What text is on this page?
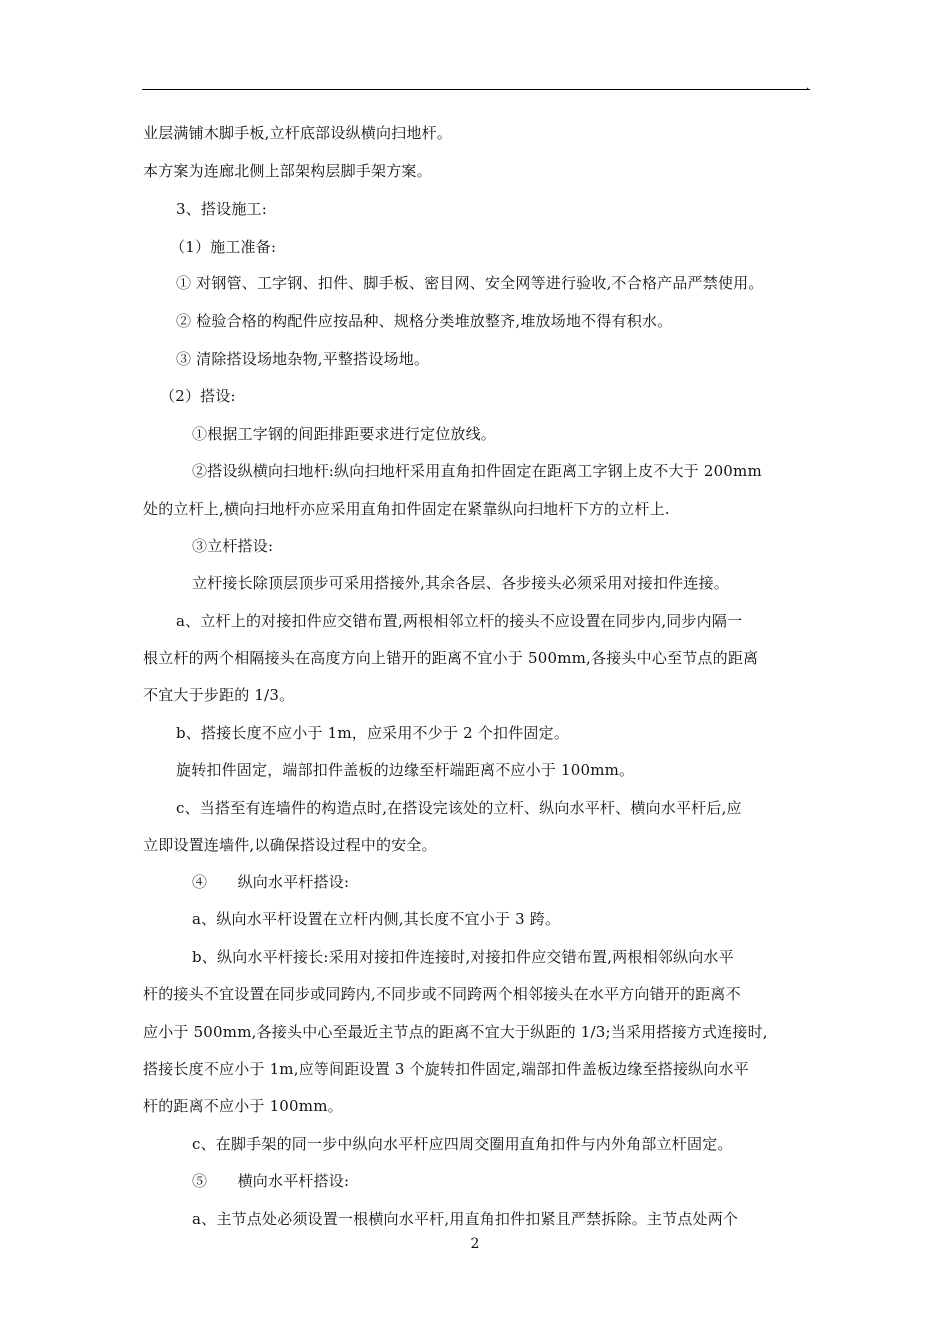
·
业层满铺木脚手板,立杆底部设纵横向扫地杆。
本方案为连廊北侧上部架构层脚手架方案。
3、搭设施工:
（1）施工准备:
① 对钢管、工字钢、扣件、脚手板、密目网、安全网等进行验收,不合格产品严禁使用。
② 检验合格的构配件应按品种、规格分类堆放整齐,堆放场地不得有积水。
③ 清除搭设场地杂物,平整搭设场地。
（2）搭设:
①根据工字钢的间距排距要求进行定位放线。
②搭设纵横向扫地杆:纵向扫地杆采用直角扣件固定在距离工字钢上皮不大于 200mm
处的立杆上,横向扫地杆亦应采用直角扣件固定在紧靠纵向扫地杆下方的立杆上.
③立杆搭设:
立杆接长除顶层顶步可采用搭接外,其余各层、各步接头必须采用对接扣件连接。
a、立杆上的对接扣件应交错布置,两根相邻立杆的接头不应设置在同步内,同步内隔一
根立杆的两个相隔接头在高度方向上错开的距离不宜小于 500mm,各接头中心至节点的距离
不宜大于步距的 1/3。
b、搭接长度不应小于 1m，应采用不少于 2 个扣件固定。
旋转扣件固定，端部扣件盖板的边缘至杆端距离不应小于 100mm。
c、当搭至有连墙件的构造点时,在搭设完该处的立杆、纵向水平杆、横向水平杆后,应
立即设置连墙件,以确保搭设过程中的安全。
④　　纵向水平杆搭设:
a、纵向水平杆设置在立杆内侧,其长度不宜小于 3 跨。
b、纵向水平杆接长:采用对接扣件连接时,对接扣件应交错布置,两根相邻纵向水平
杆的接头不宜设置在同步或同跨内,不同步或不同跨两个相邻接头在水平方向错开的距离不
应小于 500mm,各接头中心至最近主节点的距离不宜大于纵距的 1/3;当采用搭接方式连接时,
搭接长度不应小于 1m,应等间距设置 3 个旋转扣件固定,端部扣件盖板边缘至搭接纵向水平
杆的距离不应小于 100mm。
c、在脚手架的同一步中纵向水平杆应四周交圈用直角扣件与内外角部立杆固定。
⑤　　横向水平杆搭设:
a、主节点处必须设置一根横向水平杆,用直角扣件扣紧且严禁拆除。主节点处两个
2
